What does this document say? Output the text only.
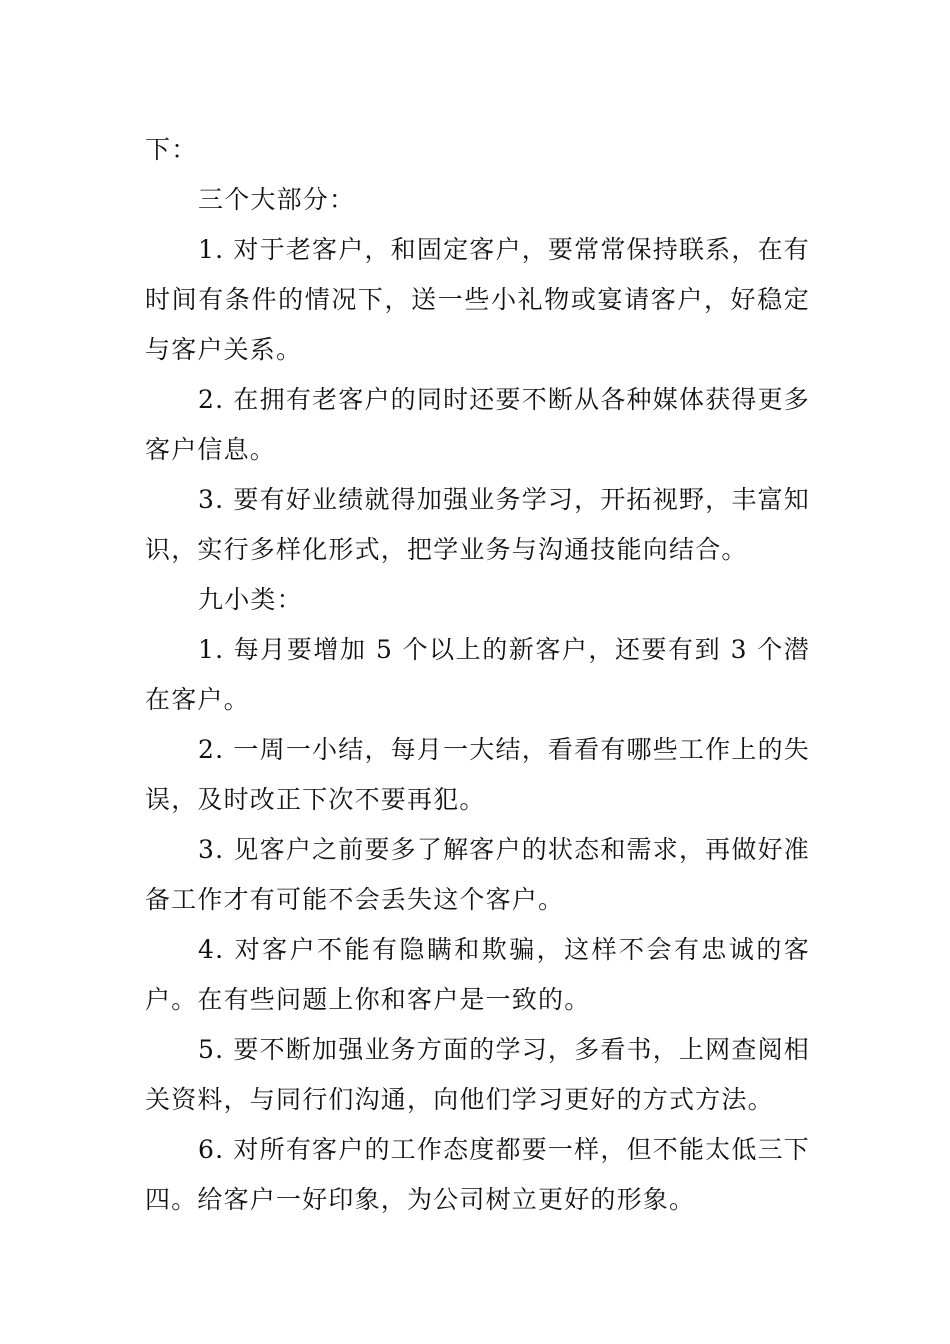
下：

三个大部分：

1. 对于老客户，和固定客户，要常常保持联系，在有时间有条件的情况下，送一些小礼物或宴请客户，好稳定与客户关系。

2. 在拥有老客户的同时还要不断从各种媒体获得更多客户信息。

3. 要有好业绩就得加强业务学习，开拓视野，丰富知识，实行多样化形式，把学业务与沟通技能向结合。

九小类：

1. 每月要增加 5 个以上的新客户，还要有到 3 个潜在客户。

2. 一周一小结，每月一大结，看看有哪些工作上的失误，及时改正下次不要再犯。

3. 见客户之前要多了解客户的状态和需求，再做好准备工作才有可能不会丢失这个客户。

4. 对客户不能有隐瞒和欺骗，这样不会有忠诚的客户。在有些问题上你和客户是一致的。

5. 要不断加强业务方面的学习，多看书，上网查阅相关资料，与同行们沟通，向他们学习更好的方式方法。

6. 对所有客户的工作态度都要一样，但不能太低三下四。给客户一好印象，为公司树立更好的形象。
